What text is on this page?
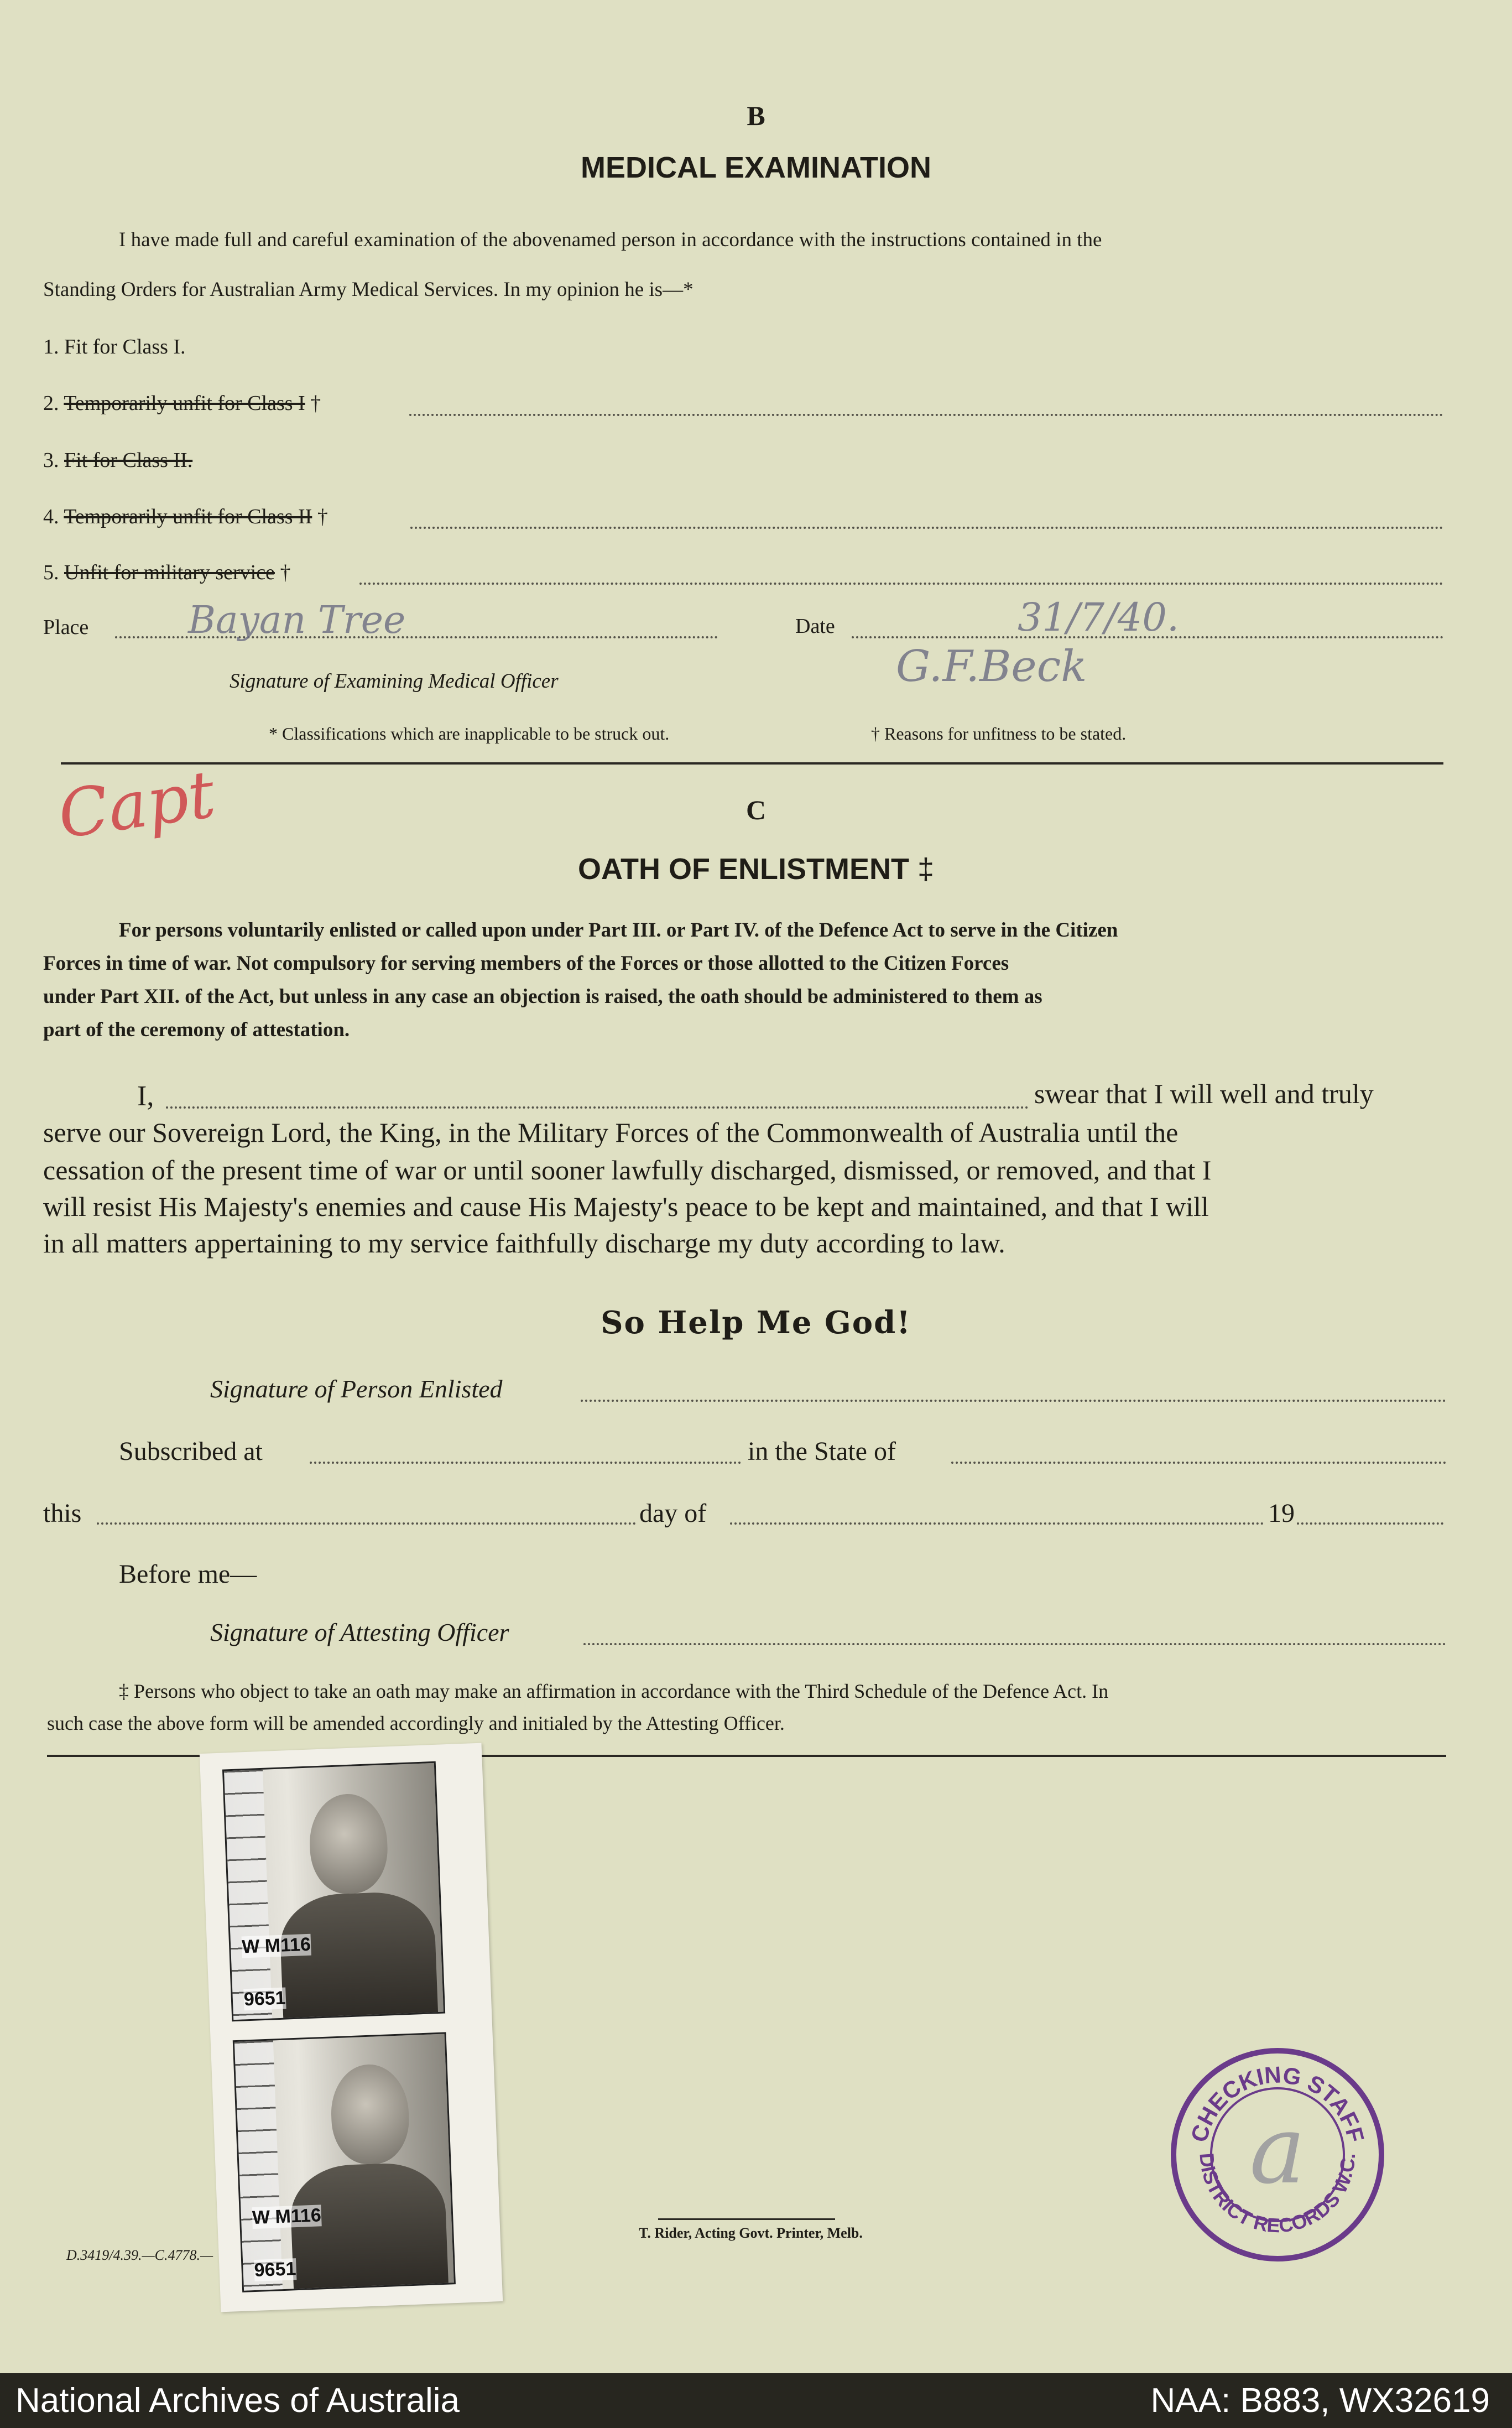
B
MEDICAL EXAMINATION
I have made full and careful examination of the abovenamed person in accordance with the instructions contained in the
Standing Orders for Australian Army Medical Services. In my opinion he is—*
1. Fit for Class I.
2. Temporarily unfit for Class I †
3. Fit for Class II.
4. Temporarily unfit for Class II †
5. Unfit for military service †
Place	Bayan Tree	Date	31/7/40.
Signature of Examining Medical Officer	G.F.Beck
* Classifications which are inapplicable to be struck out.	† Reasons for unfitness to be stated.
Capt	C
OATH OF ENLISTMENT ‡
For persons voluntarily enlisted or called upon under Part III. or Part IV. of the Defence Act to serve in the Citizen
Forces in time of war. Not compulsory for serving members of the Forces or those allotted to the Citizen Forces
under Part XII. of the Act, but unless in any case an objection is raised, the oath should be administered to them as
part of the ceremony of attestation.
I,	swear that I will well and truly
serve our Sovereign Lord, the King, in the Military Forces of the Commonwealth of Australia until the
cessation of the present time of war or until sooner lawfully discharged, dismissed, or removed, and that I
will resist His Majesty's enemies and cause His Majesty's peace to be kept and maintained, and that I will
in all matters appertaining to my service faithfully discharge my duty according to law.
So Help Me God!
Signature of Person Enlisted
Subscribed at	in the State of
this	day of	19
Before me—
Signature of Attesting Officer
‡ Persons who object to take an oath may make an affirmation in accordance with the Third Schedule of the Defence Act. In
such case the above form will be amended accordingly and initialed by the Attesting Officer.
W M116
9651
W M116
9651
D.3419/4.39.—C.4778.—
T. Rider, Acting Govt. Printer, Melb.
CHECKING STAFF
DISTRICT RECORDS W.C.
a
National Archives of Australia	NAA: B883, WX32619
